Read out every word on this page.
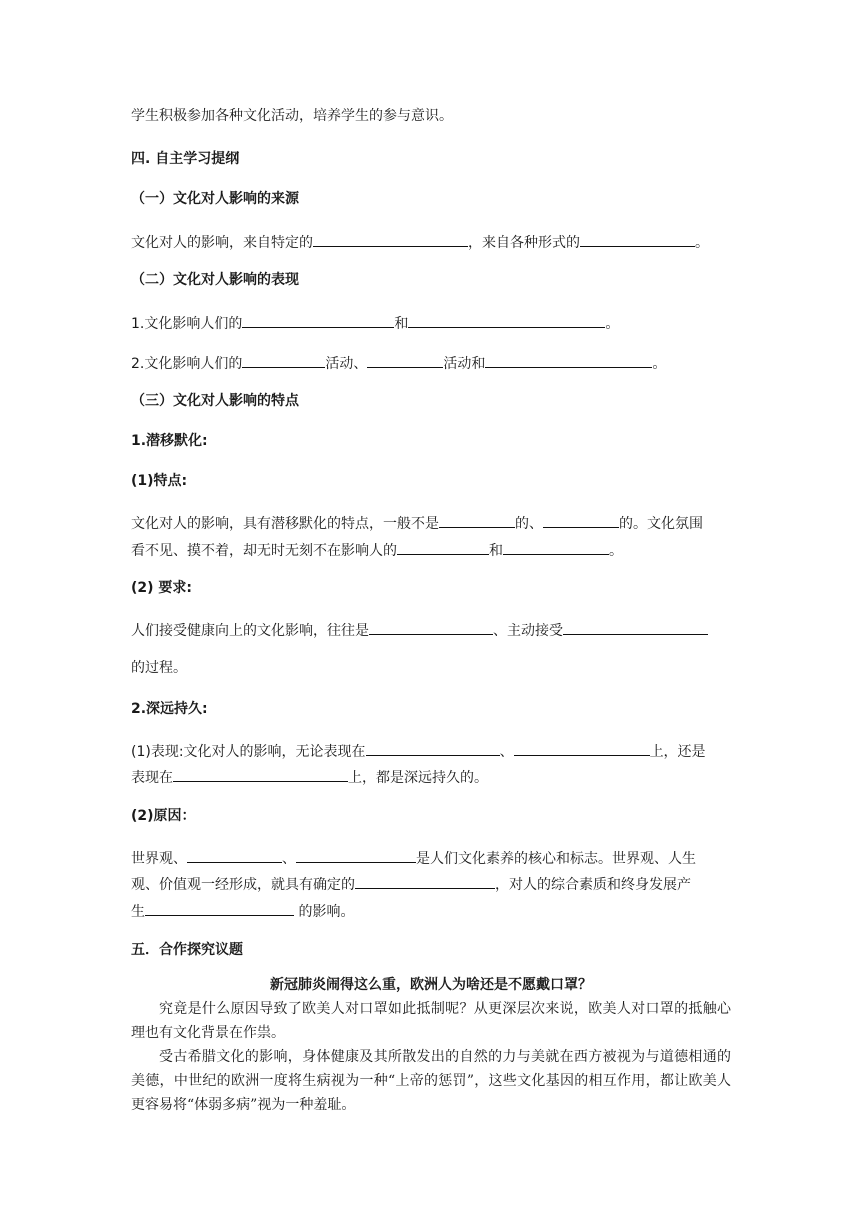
学生积极参加各种文化活动，培养学生的参与意识。
四. 自主学习提纲
（一）文化对人影响的来源
文化对人的影响，来自特定的	，来自各种形式的	。
（二）文化对人影响的表现
1.文化影响人们的	和	。
2.文化影响人们的	活动、	活动和	。
（三）文化对人影响的特点
1.潜移默化:
(1)特点:
文化对人的影响，具有潜移默化的特点，一般不是	的、	的。文化氛围
看不见、摸不着，却无时无刻不在影响人的	和	。
(2) 要求:
人们接受健康向上的文化影响，往往是	、主动接受
的过程。
2.深远持久:
(1)表现:文化对人的影响，无论表现在	、	上，还是
表现在	上，都是深远持久的。
(2)原因：
世界观、	、	是人们文化素养的核心和标志。世界观、人生
观、价值观一经形成，就具有确定的	，对人的综合素质和终身发展产
生	的影响。
五．合作探究议题
新冠肺炎闹得这么重，欧洲人为啥还是不愿戴口罩？
究竟是什么原因导致了欧美人对口罩如此抵制呢？从更深层次来说，欧美人对口罩的抵触心理也有文化背景在作祟。
受古希腊文化的影响，身体健康及其所散发出的自然的力与美就在西方被视为与道德相通的美德，中世纪的欧洲一度将生病视为一种“上帝的惩罚”，这些文化基因的相互作用，都让欧美人更容易将“体弱多病”视为一种羞耻。
